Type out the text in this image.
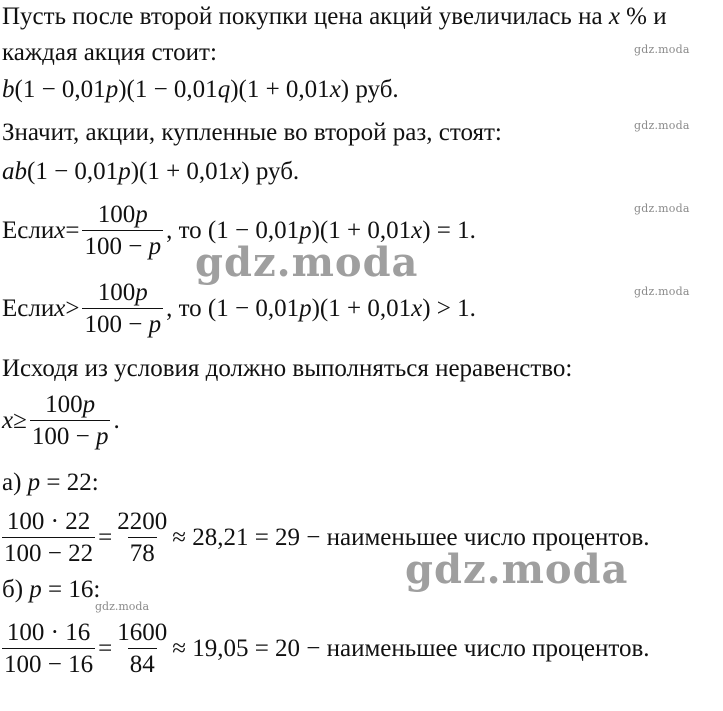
Пусть после второй покупки цена акций увеличилась на x % и
каждая акция стоит:
b(1 − 0,01p)(1 − 0,01q)(1 + 0,01x) руб.
Значит, акции, купленные во второй раз, стоят:
ab(1 − 0,01p)(1 + 0,01x) руб.
Если $x = \frac{100p}{100 - p}$ , то (1 − 0,01 p )(1 + 0,01 x ) = 1.
Если $x > \frac{100p}{100 - p}$ , то (1 − 0,01 p )(1 + 0,01 x ) > 1.
Исходя из условия должно выполняться неравенство:
$x \ge \frac{100p}{100 - p}$ .
а) p = 22:
$\frac{100 \cdot 22}{100 - 22} = \frac{2200}{78} \approx 28,21 = 29$ − наименьшее число процентов.
б) p = 16:
$\frac{100 \cdot 16}{100 - 16} = \frac{1600}{84} \approx 19,05 = 20$ − наименьшее число процентов.
gdz.moda
gdz.moda
gdz.moda
gdz.moda
gdz.moda
gdz.moda
gdz.moda
